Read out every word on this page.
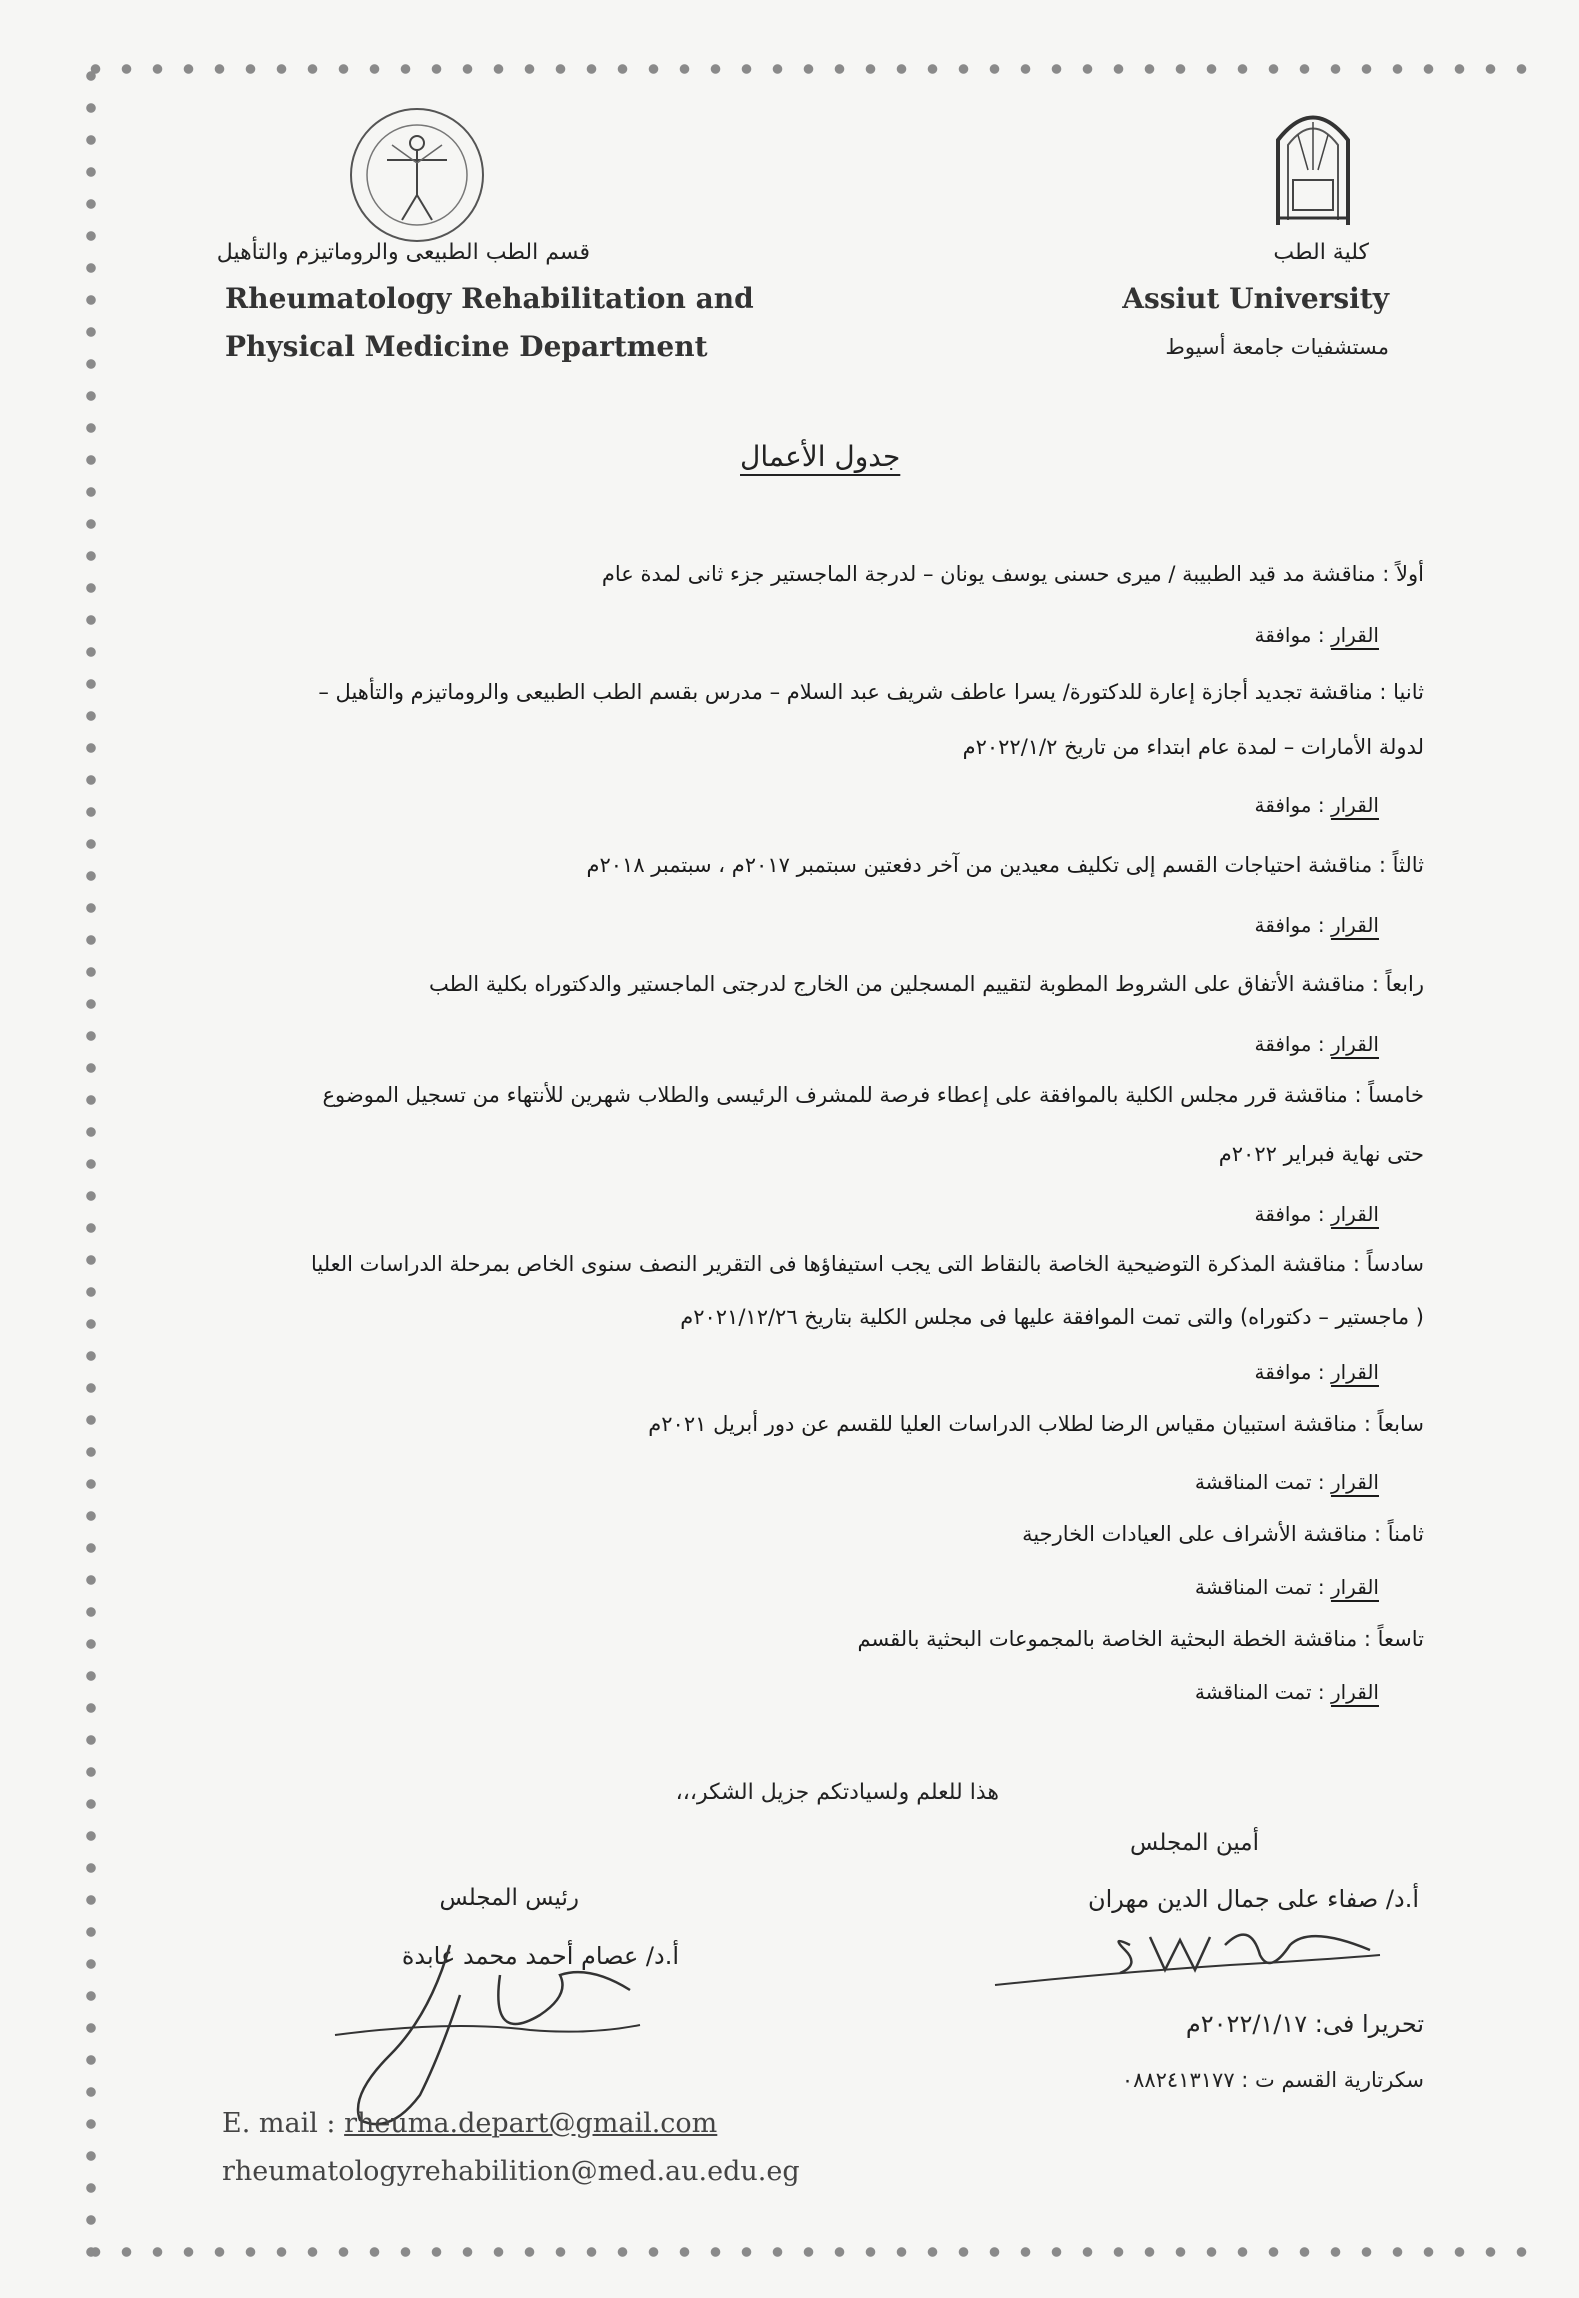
قسم الطب الطبيعى والروماتيزم والتأهيل
Rheumatology Rehabilitation and
Physical Medicine Department
كلية الطب
Assiut University
مستشفيات جامعة أسيوط
جدول الأعمال
أولاً : مناقشة مد قيد الطبيبة / ميرى حسنى يوسف يونان – لدرجة الماجستير جزء ثانى لمدة عام
القرار : موافقة
ثانيا : مناقشة تجديد أجازة إعارة للدكتورة/ يسرا عاطف شريف عبد السلام – مدرس بقسم الطب الطبيعى والروماتيزم والتأهيل –
لدولة الأمارات – لمدة عام ابتداء من تاريخ ٢٠٢٢/١/٢م
القرار : موافقة
ثالثاً : مناقشة احتياجات القسم إلى تكليف معيدين من آخر دفعتين سبتمبر ٢٠١٧م ، سبتمبر ٢٠١٨م
القرار : موافقة
رابعاً : مناقشة الأتفاق على الشروط المطوبة لتقييم المسجلين من الخارج لدرجتى الماجستير والدكتوراه بكلية الطب
القرار : موافقة
خامساً : مناقشة قرر مجلس الكلية بالموافقة على إعطاء فرصة للمشرف الرئيسى والطلاب شهرين للأنتهاء من تسجيل الموضوع
حتى نهاية فبراير ٢٠٢٢م
القرار : موافقة
سادساً : مناقشة المذكرة التوضيحية الخاصة بالنقاط التى يجب استيفاؤها فى التقرير النصف سنوى الخاص بمرحلة الدراسات العليا
( ماجستير – دكتوراه) والتى تمت الموافقة عليها فى مجلس الكلية بتاريخ ٢٠٢١/١٢/٢٦م
القرار : موافقة
سابعاً : مناقشة استبيان مقياس الرضا لطلاب الدراسات العليا للقسم عن دور أبريل ٢٠٢١م
القرار : تمت المناقشة
ثامناً : مناقشة الأشراف على العيادات الخارجية
القرار : تمت المناقشة
تاسعاً : مناقشة الخطة البحثية الخاصة بالمجموعات البحثية بالقسم
القرار : تمت المناقشة
هذا للعلم ولسيادتكم جزيل الشكر،،،
أمين المجلس
أ.د/ صفاء على جمال الدين مهران
رئيس المجلس
أ.د/ عصام أحمد محمد عابدة
تحريرا فى: ٢٠٢٢/١/١٧م
سكرتارية القسم ت : ٠٨٨٢٤١٣١٧٧
E. mail : rheuma.depart@gmail.com
rheumatologyrehabilition@med.au.edu.eg
